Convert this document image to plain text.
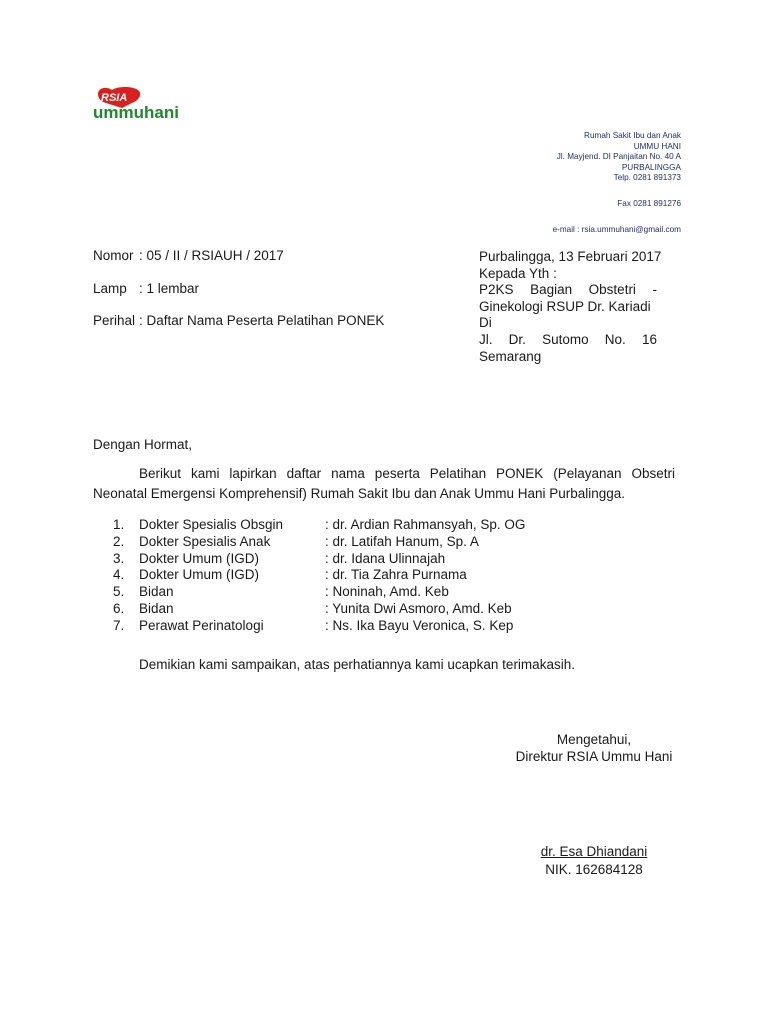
RSIA
ummuhani
Rumah Sakit Ibu dan Anak
UMMU HANI
Jl. Mayjend. DI Panjaitan No. 40 A
PURBALINGGA
Telp. 0281 891373
Fax 0281 891276
e-mail : rsia.ummuhani@gmail.com
Nomor : 05 / II / RSIAUH / 2017
Lamp : 1 lembar
Perihal : Daftar Nama Peserta Pelatihan PONEK
Purbalingga, 13 Februari 2017
Kepada Yth :
P2KS Bagian Obstetri -
Ginekologi RSUP Dr. Kariadi
Di
Jl. Dr. Sutomo No. 16
Semarang
Dengan Hormat,
Berikut kami lapirkan daftar nama peserta Pelatihan PONEK (Pelayanan Obsetri Neonatal Emergensi Komprehensif) Rumah Sakit Ibu dan Anak Ummu Hani Purbalingga.
1. Dokter Spesialis Obsgin	: dr. Ardian Rahmansyah, Sp. OG
2. Dokter Spesialis Anak	: dr. Latifah Hanum, Sp. A
3. Dokter Umum (IGD)	: dr. Idana Ulinnajah
4. Dokter Umum (IGD)	: dr. Tia Zahra Purnama
5. Bidan	: Noninah, Amd. Keb
6. Bidan	: Yunita Dwi Asmoro, Amd. Keb
7. Perawat Perinatologi	: Ns. Ika Bayu Veronica, S. Kep
Demikian kami sampaikan, atas perhatiannya kami ucapkan terimakasih.
Mengetahui,
Direktur RSIA Ummu Hani
dr. Esa Dhiandani
NIK. 162684128
